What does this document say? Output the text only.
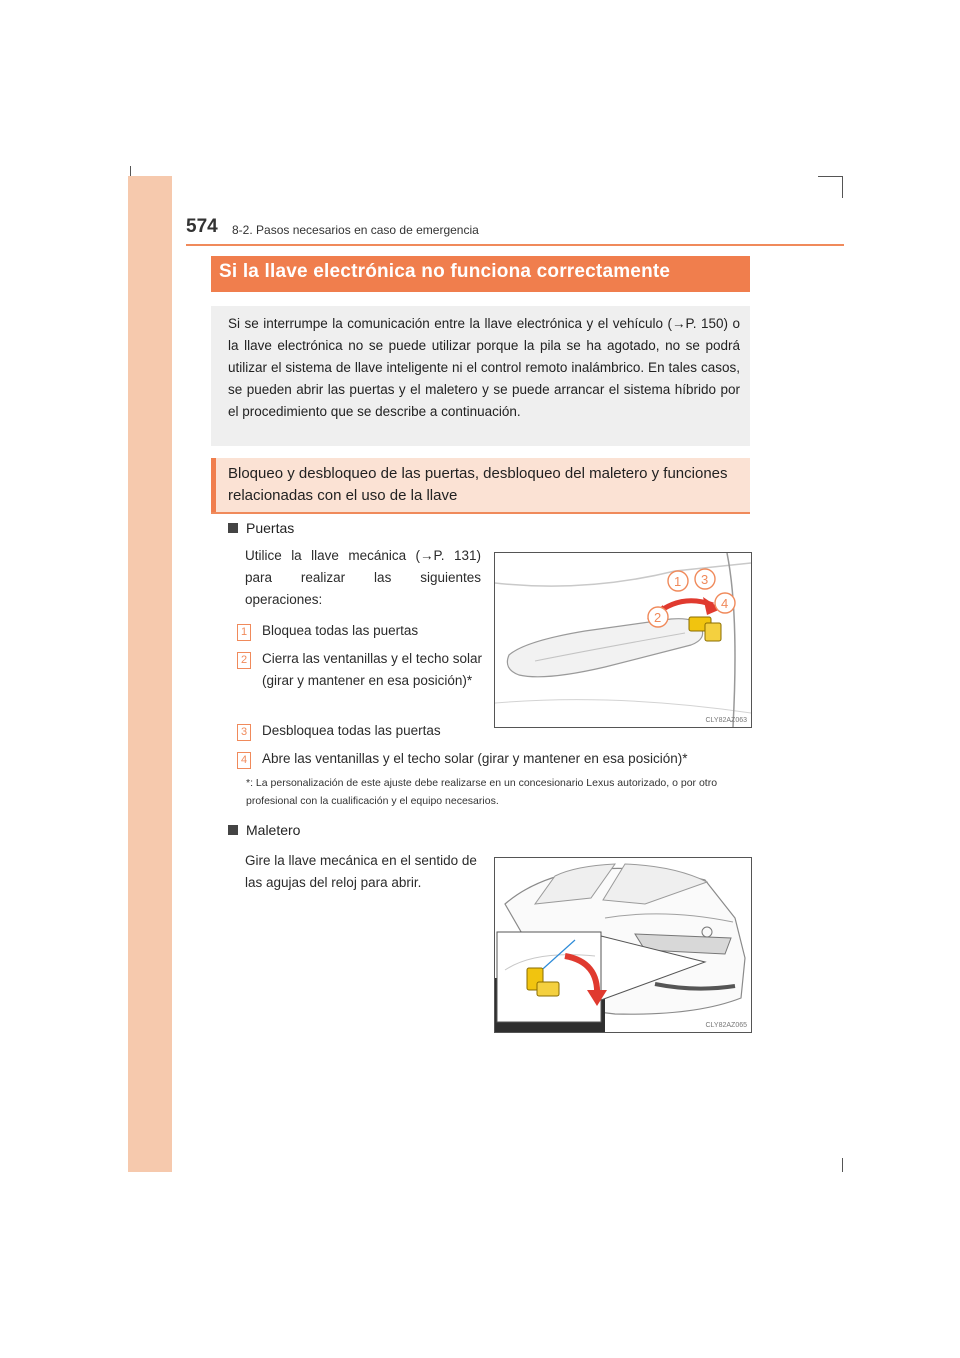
574 8-2. Pasos necesarios en caso de emergencia
Si la llave electrónica no funciona correctamente

Si se interrumpe la comunicación entre la llave electrónica y el vehículo (→P. 150) o la llave electrónica no se puede utilizar porque la pila se ha agotado, no se podrá utilizar el sistema de llave inteligente ni el control remoto inalámbrico. En tales casos, se pueden abrir las puertas y el maletero y se puede arrancar el sistema híbrido por el procedimiento que se describe a continuación.

Bloqueo y desbloqueo de las puertas, desbloqueo del maletero y funciones relacionadas con el uso de la llave
Puertas
Utilice la llave mecánica (→P. 131) para realizar las siguientes operaciones:
1 Bloquea todas las puertas
2 Cierra las ventanillas y el techo solar (girar y mantener en esa posición)*
3 Desbloquea todas las puertas
4 Abre las ventanillas y el techo solar (girar y mantener en esa posición)*
*: La personalización de este ajuste debe realizarse en un concesionario Lexus autorizado, o por otro profesional con la cualificación y el equipo necesarios.
1
2
3
4
CLY82AZ063
Maletero
Gire la llave mecánica en el sentido de las agujas del reloj para abrir.
CLY82AZ065
